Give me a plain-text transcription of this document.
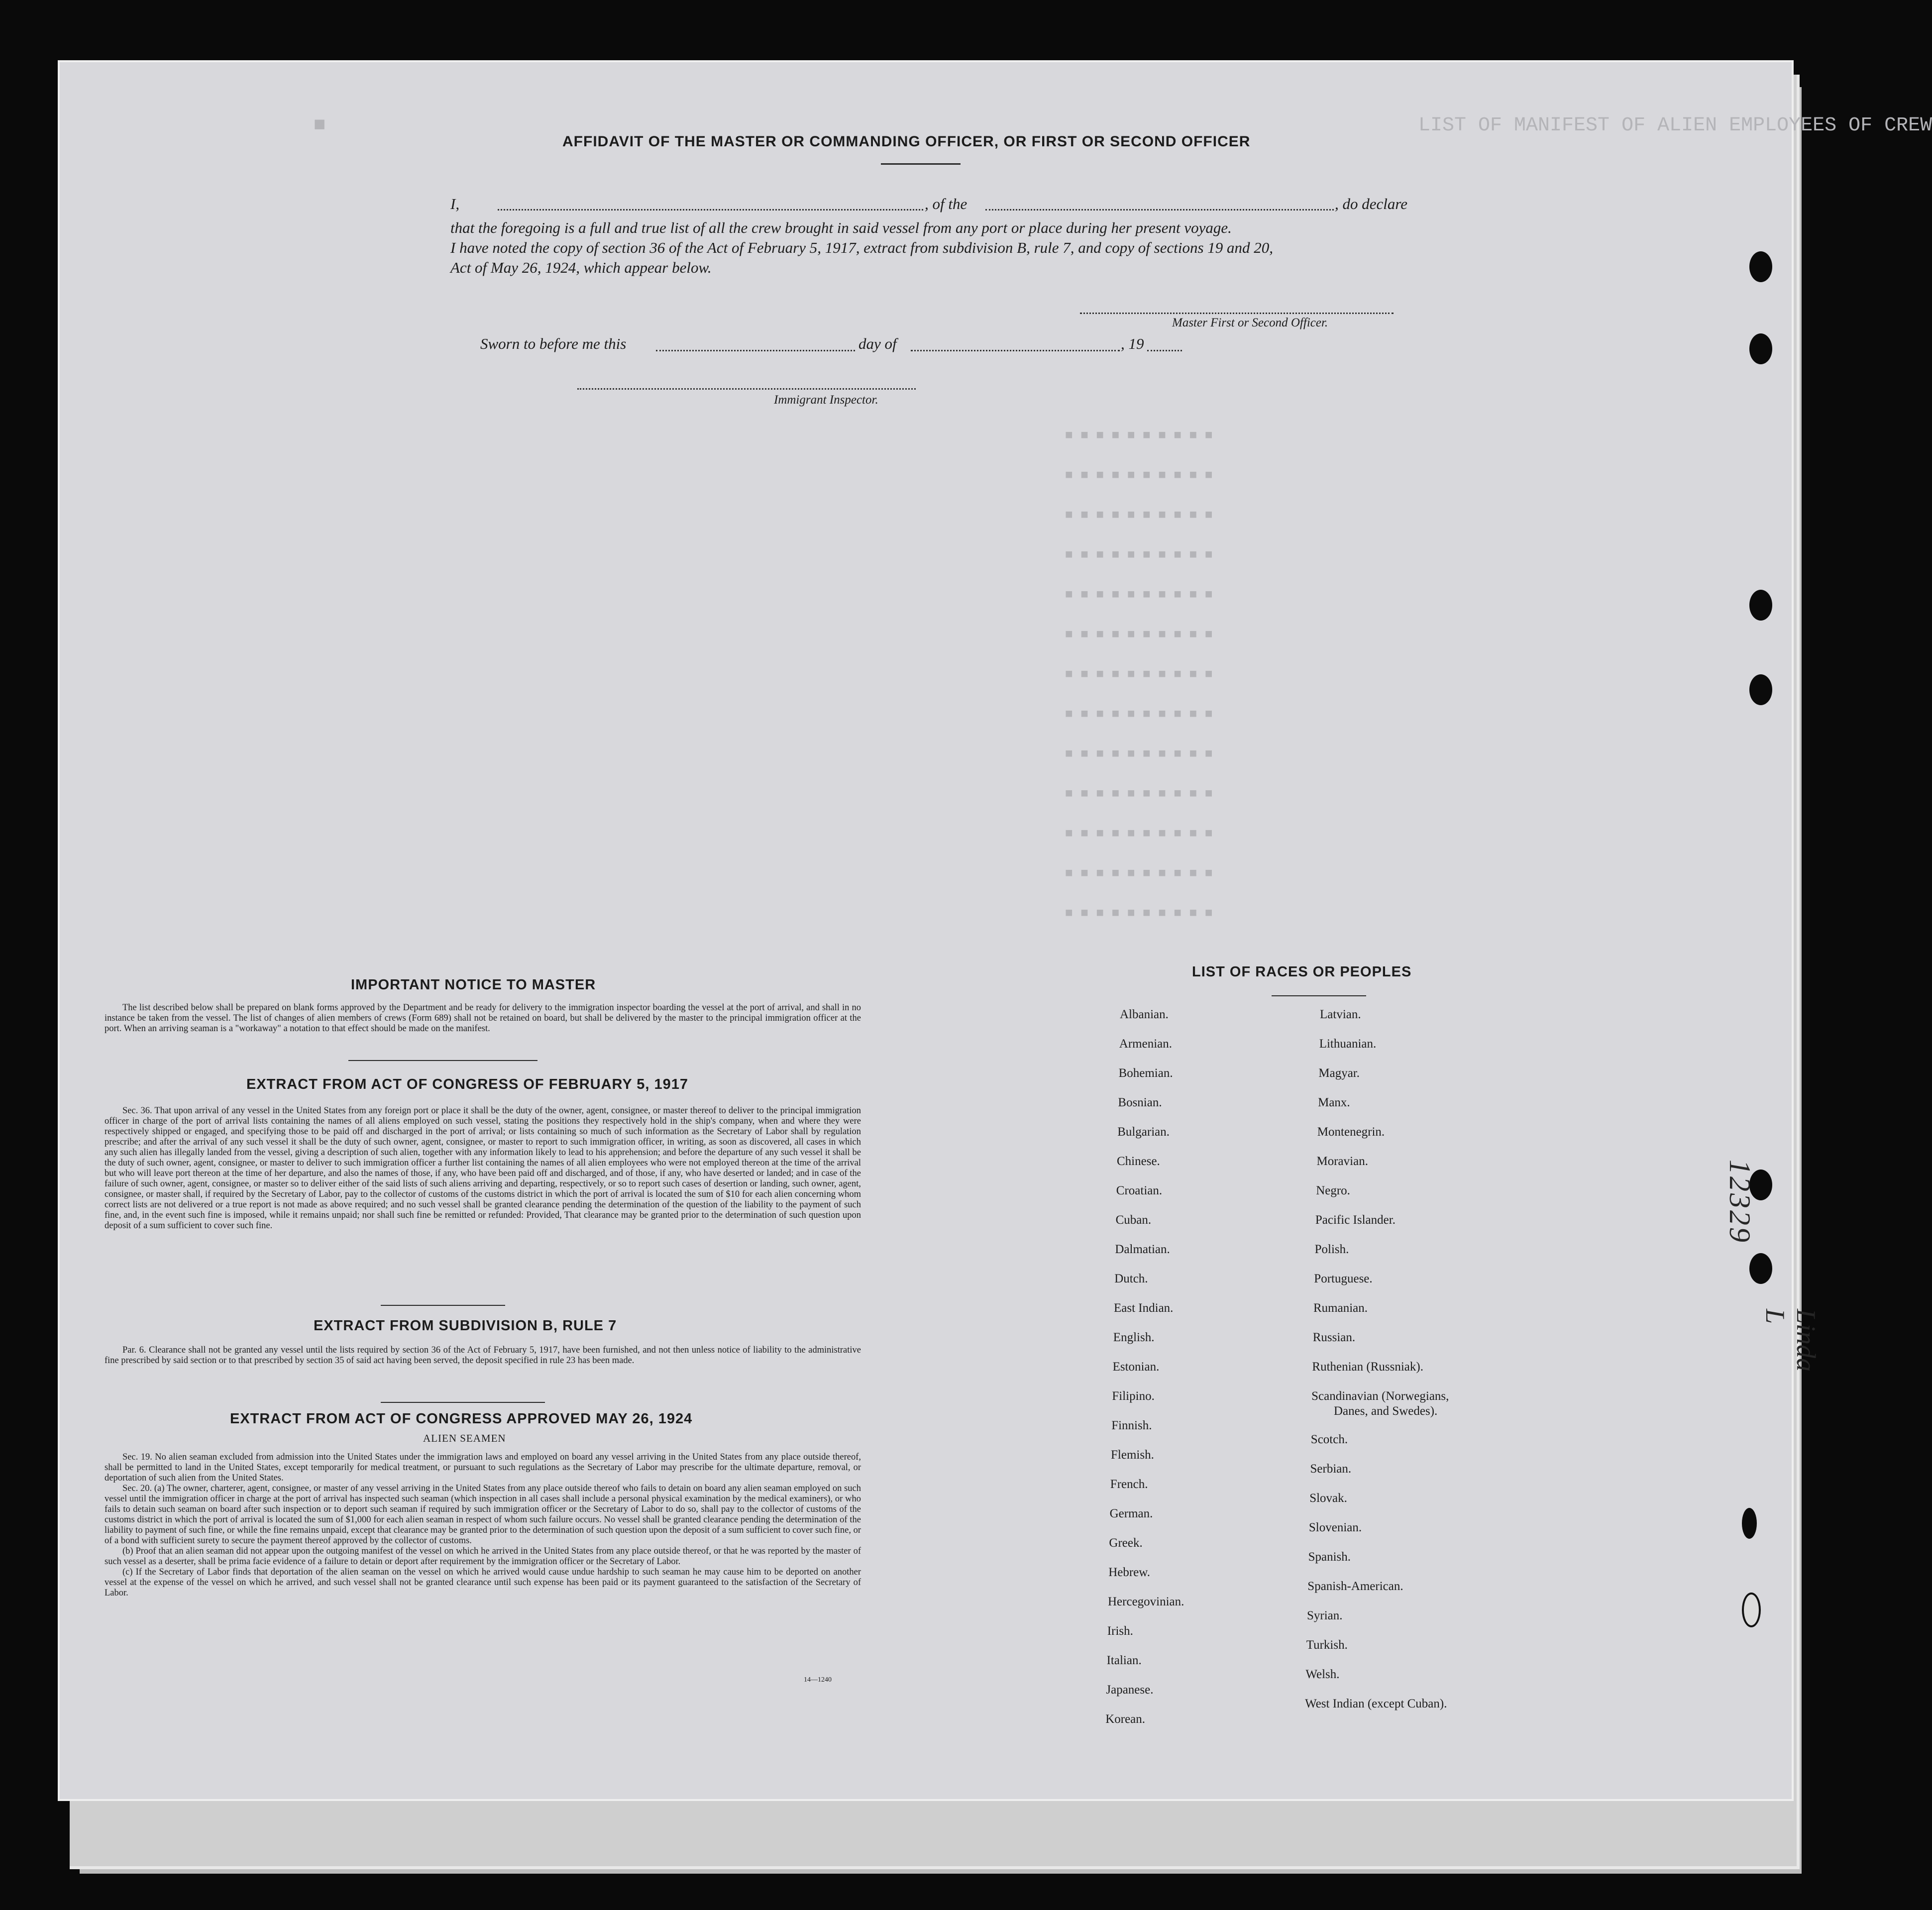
■	LIST OF MANIFEST OF ALIEN EMPLOYEES OF CREW
■ ■ ■ ■ ■ ■ ■ ■ ■ ■
■ ■ ■ ■ ■ ■ ■ ■ ■ ■
■ ■ ■ ■ ■ ■ ■ ■ ■ ■
■ ■ ■ ■ ■ ■ ■ ■ ■ ■
■ ■ ■ ■ ■ ■ ■ ■ ■ ■
■ ■ ■ ■ ■ ■ ■ ■ ■ ■
■ ■ ■ ■ ■ ■ ■ ■ ■ ■
■ ■ ■ ■ ■ ■ ■ ■ ■ ■
■ ■ ■ ■ ■ ■ ■ ■ ■ ■
■ ■ ■ ■ ■ ■ ■ ■ ■ ■
■ ■ ■ ■ ■ ■ ■ ■ ■ ■
■ ■ ■ ■ ■ ■ ■ ■ ■ ■
■ ■ ■ ■ ■ ■ ■ ■ ■ ■
AFFIDAVIT OF THE MASTER OR COMMANDING OFFICER, OR FIRST OR SECOND OFFICER
I,	, of the	, do declare
that the foregoing is a full and true list of all the crew brought in said vessel from any port or place during her present voyage.
I have noted the copy of section 36 of the Act of February 5, 1917, extract from subdivision B, rule 7, and copy of sections 19 and 20,
Act of May 26, 1924, which appear below.
Master First or Second Officer.
Sworn to before me this	day of	, 19
Immigrant Inspector.
IMPORTANT NOTICE TO MASTER

The list described below shall be prepared on blank forms approved by the Department and be ready for delivery to the immigration inspector boarding the vessel at the port of arrival, and shall in no instance be taken from the vessel. The list of changes of alien members of crews (Form 689) shall not be retained on board, but shall be delivered by the master to the principal immigration officer at the port. When an arriving seaman is a "workaway" a notation to that effect should be made on the manifest.

EXTRACT FROM ACT OF CONGRESS OF FEBRUARY 5, 1917

Sec. 36. That upon arrival of any vessel in the United States from any foreign port or place it shall be the duty of the owner, agent, consignee, or master thereof to deliver to the principal immigration officer in charge of the port of arrival lists containing the names of all aliens employed on such vessel, stating the positions they respectively hold in the ship's company, when and where they were respectively shipped or engaged, and specifying those to be paid off and discharged in the port of arrival; or lists containing so much of such information as the Secretary of Labor shall by regulation prescribe; and after the arrival of any such vessel it shall be the duty of such owner, agent, consignee, or master to report to such immigration officer, in writing, as soon as discovered, all cases in which any such alien has illegally landed from the vessel, giving a description of such alien, together with any information likely to lead to his apprehension; and before the departure of any such vessel it shall be the duty of such owner, agent, consignee, or master to deliver to such immigration officer a further list containing the names of all alien employees who were not employed thereon at the time of the arrival but who will leave port thereon at the time of her departure, and also the names of those, if any, who have been paid off and discharged, and of those, if any, who have deserted or landed; and in case of the failure of such owner, agent, consignee, or master so to deliver either of the said lists of such aliens arriving and departing, respectively, or so to report such cases of desertion or landing, such owner, agent, consignee, or master shall, if required by the Secretary of Labor, pay to the collector of customs of the customs district in which the port of arrival is located the sum of $10 for each alien concerning whom correct lists are not delivered or a true report is not made as above required; and no such vessel shall be granted clearance pending the determination of the question of the liability to the payment of such fine, and, in the event such fine is imposed, while it remains unpaid; nor shall such fine be remitted or refunded: Provided, That clearance may be granted prior to the determination of such question upon deposit of a sum sufficient to cover such fine.

EXTRACT FROM SUBDIVISION B, RULE 7

Par. 6. Clearance shall not be granted any vessel until the lists required by section 36 of the Act of February 5, 1917, have been furnished, and not then unless notice of liability to the administrative fine prescribed by said section or to that prescribed by section 35 of said act having been served, the deposit specified in rule 23 has been made.

EXTRACT FROM ACT OF CONGRESS APPROVED MAY 26, 1924
ALIEN SEAMEN

Sec. 19. No alien seaman excluded from admission into the United States under the immigration laws and employed on board any vessel arriving in the United States from any place outside thereof, shall be permitted to land in the United States, except temporarily for medical treatment, or pursuant to such regulations as the Secretary of Labor may prescribe for the ultimate departure, removal, or deportation of such alien from the United States.

Sec. 20. (a) The owner, charterer, agent, consignee, or master of any vessel arriving in the United States from any place outside thereof who fails to detain on board any alien seaman employed on such vessel until the immigration officer in charge at the port of arrival has inspected such seaman (which inspection in all cases shall include a personal physical examination by the medical examiners), or who fails to detain such seaman on board after such inspection or to deport such seaman if required by such immigration officer or the Secretary of Labor to do so, shall pay to the collector of customs of the customs district in which the port of arrival is located the sum of $1,000 for each alien seaman in respect of whom such failure occurs. No vessel shall be granted clearance pending the determination of the liability to payment of such fine, or while the fine remains unpaid, except that clearance may be granted prior to the determination of such question upon the deposit of a sum sufficient to cover such fine, or of a bond with sufficient surety to secure the payment thereof approved by the collector of customs.

(b) Proof that an alien seaman did not appear upon the outgoing manifest of the vessel on which he arrived in the United States from any place outside thereof, or that he was reported by the master of such vessel as a deserter, shall be prima facie evidence of a failure to detain or deport after requirement by the immigration officer or the Secretary of Labor.

(c) If the Secretary of Labor finds that deportation of the alien seaman on the vessel on which he arrived would cause undue hardship to such seaman he may cause him to be deported on another vessel at the expense of the vessel on which he arrived, and such vessel shall not be granted clearance until such expense has been paid or its payment guaranteed to the satisfaction of the Secretary of Labor.

14—1240
LIST OF RACES OR PEOPLES
Albanian.
Armenian.
Bohemian.
Bosnian.
Bulgarian.
Chinese.
Croatian.
Cuban.
Dalmatian.
Dutch.
East Indian.
English.
Estonian.
Filipino.
Finnish.
Flemish.
French.
German.
Greek.
Hebrew.
Hercegovinian.
Irish.
Italian.
Japanese.
Korean.
Latvian.
Lithuanian.
Magyar.
Manx.
Montenegrin.
Moravian.
Negro.
Pacific Islander.
Polish.
Portuguese.
Rumanian.
Russian.
Ruthenian (Russniak).
Scandinavian (Norwegians,
Danes, and Swedes).
Scotch.
Serbian.
Slovak.
Slovenian.
Spanish.
Spanish-American.
Syrian.
Turkish.
Welsh.
West Indian (except Cuban).
12329
Linda L
